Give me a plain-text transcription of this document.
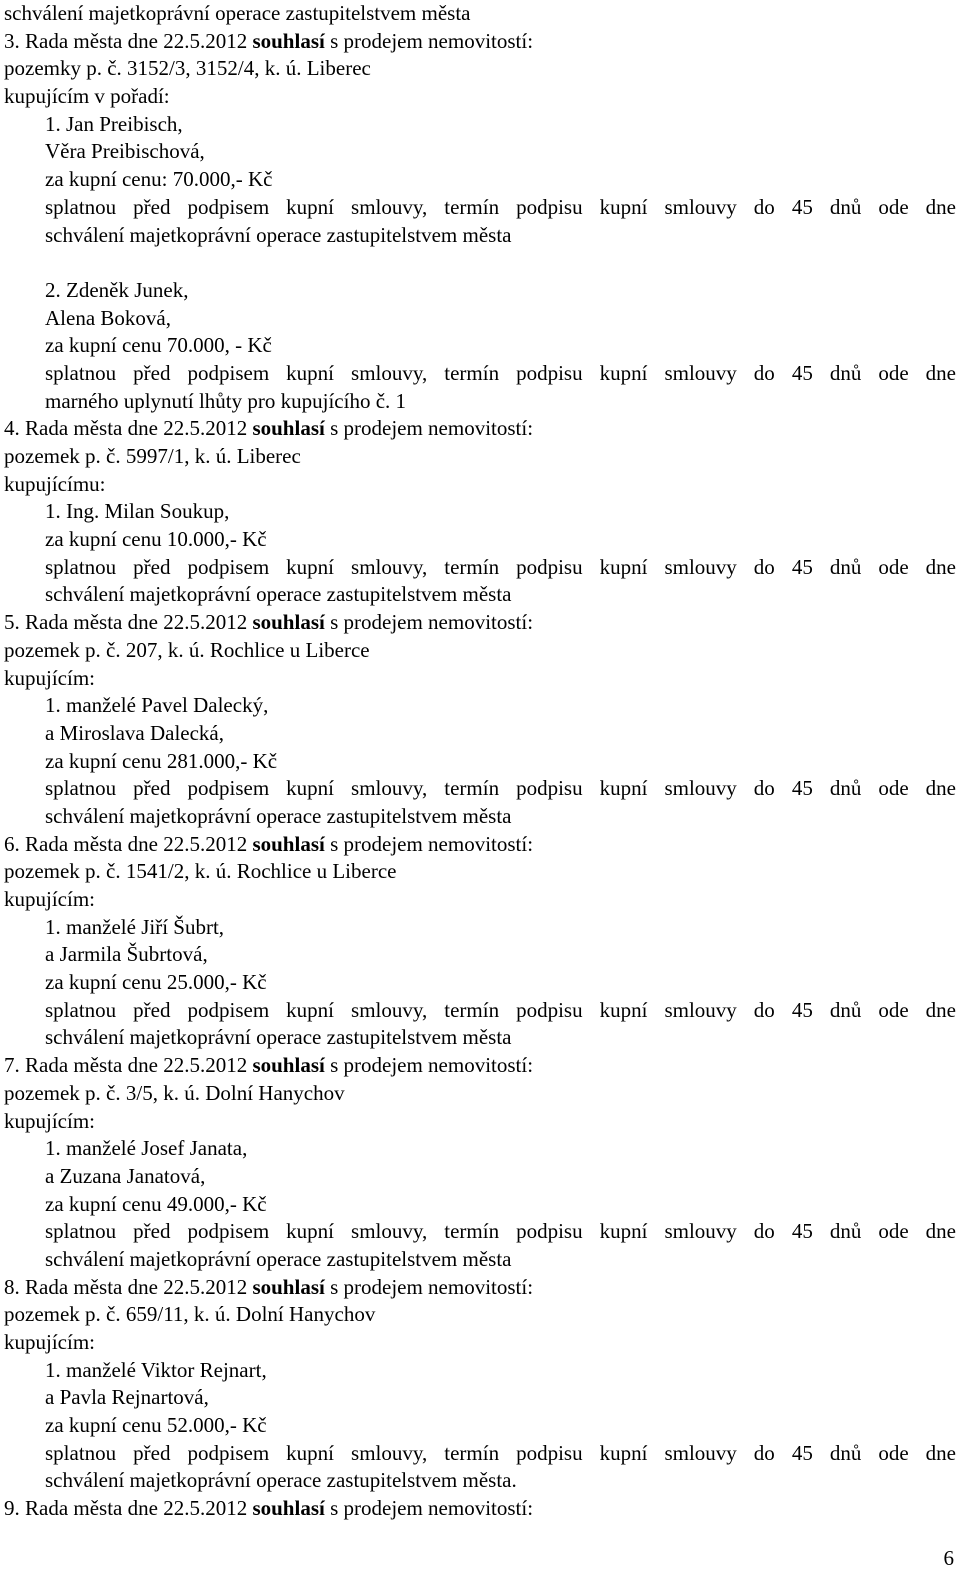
schválení majetkoprávní operace zastupitelstvem města
3. Rada města dne 22.5.2012 souhlasí s prodejem nemovitostí:
pozemky p. č. 3152/3, 3152/4, k. ú. Liberec
kupujícím v pořadí:
1. Jan Preibisch,
Věra Preibischová,
za kupní cenu: 70.000,- Kč
splatnou před podpisem kupní smlouvy, termín podpisu kupní smlouvy do 45 dnů ode dne
schválení majetkoprávní operace zastupitelstvem města
2. Zdeněk Junek,
Alena Boková,
za kupní cenu 70.000, - Kč
splatnou před podpisem kupní smlouvy, termín podpisu kupní smlouvy do 45 dnů ode dne
marného uplynutí lhůty pro kupujícího č. 1
4. Rada města dne 22.5.2012 souhlasí s prodejem nemovitostí:
pozemek p. č. 5997/1, k. ú. Liberec
kupujícímu:
1. Ing. Milan Soukup,
za kupní cenu 10.000,- Kč
splatnou před podpisem kupní smlouvy, termín podpisu kupní smlouvy do 45 dnů ode dne
schválení majetkoprávní operace zastupitelstvem města
5. Rada města dne 22.5.2012 souhlasí s prodejem nemovitostí:
pozemek p. č. 207, k. ú. Rochlice u Liberce
kupujícím:
1. manželé Pavel Dalecký,
a Miroslava Dalecká,
za kupní cenu 281.000,- Kč
splatnou před podpisem kupní smlouvy, termín podpisu kupní smlouvy do 45 dnů ode dne
schválení majetkoprávní operace zastupitelstvem města
6. Rada města dne 22.5.2012 souhlasí s prodejem nemovitostí:
pozemek p. č. 1541/2, k. ú. Rochlice u Liberce
kupujícím:
1. manželé Jiří Šubrt,
a Jarmila Šubrtová,
za kupní cenu 25.000,- Kč
splatnou před podpisem kupní smlouvy, termín podpisu kupní smlouvy do 45 dnů ode dne
schválení majetkoprávní operace zastupitelstvem města
7. Rada města dne 22.5.2012 souhlasí s prodejem nemovitostí:
pozemek p. č. 3/5, k. ú. Dolní Hanychov
kupujícím:
1. manželé Josef Janata,
a Zuzana Janatová,
za kupní cenu 49.000,- Kč
splatnou před podpisem kupní smlouvy, termín podpisu kupní smlouvy do 45 dnů ode dne
schválení majetkoprávní operace zastupitelstvem města
8. Rada města dne 22.5.2012 souhlasí s prodejem nemovitostí:
pozemek p. č. 659/11, k. ú. Dolní Hanychov
kupujícím:
1. manželé Viktor Rejnart,
a Pavla Rejnartová,
za kupní cenu 52.000,- Kč
splatnou před podpisem kupní smlouvy, termín podpisu kupní smlouvy do 45 dnů ode dne
schválení majetkoprávní operace zastupitelstvem města.
9. Rada města dne 22.5.2012 souhlasí s prodejem nemovitostí:
6
